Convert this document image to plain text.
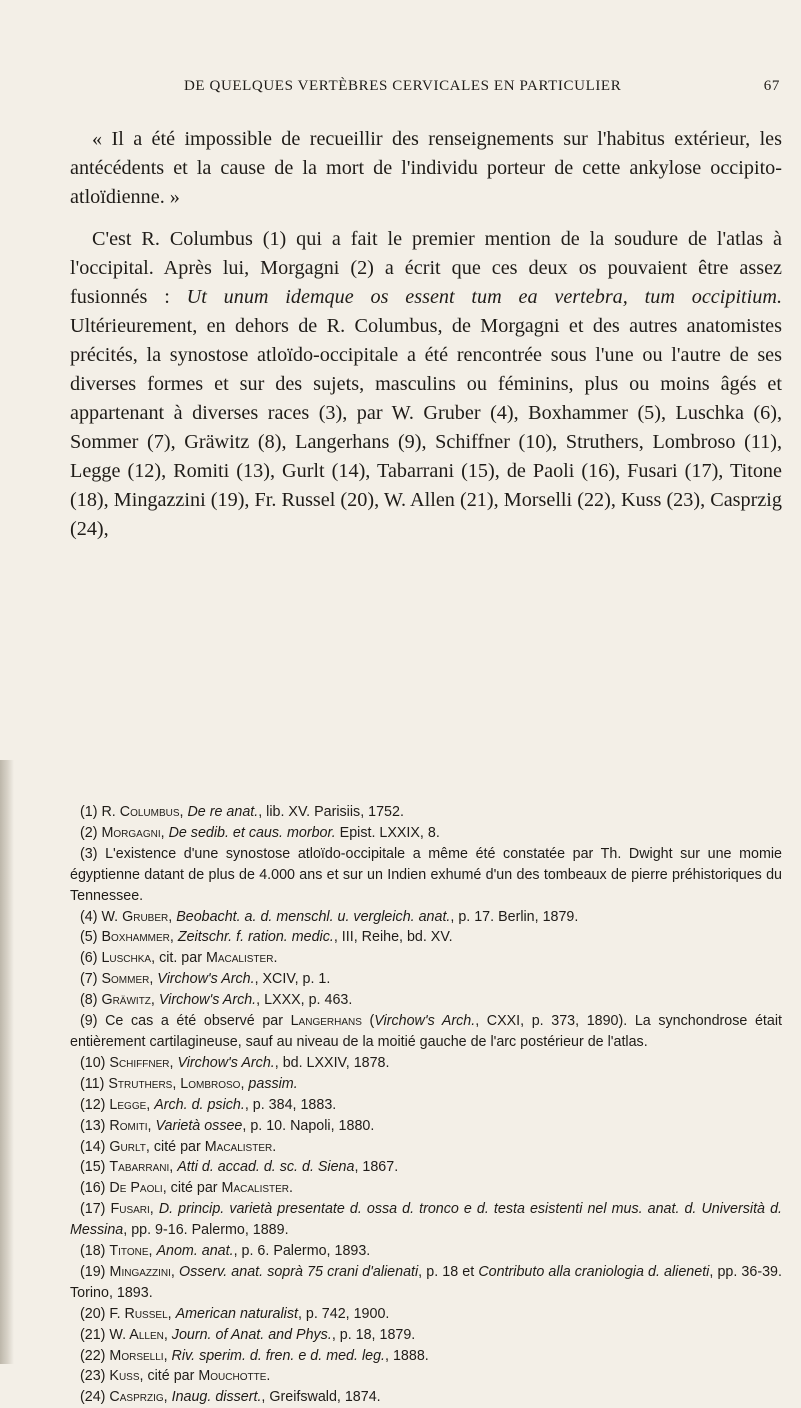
DE QUELQUES VERTÈBRES CERVICALES EN PARTICULIER	67

« Il a été impossible de recueillir des renseignements sur l'habitus extérieur, les antécédents et la cause de la mort de l'individu porteur de cette ankylose occipito-atloïdienne. »

C'est R. Columbus (1) qui a fait le premier mention de la soudure de l'atlas à l'occipital. Après lui, Morgagni (2) a écrit que ces deux os pouvaient être assez fusionnés : Ut unum idemque os essent tum ea vertebra, tum occipitium. Ultérieurement, en dehors de R. Columbus, de Morgagni et des autres anatomistes précités, la synostose atloïdo-occipitale a été rencontrée sous l'une ou l'autre de ses diverses formes et sur des sujets, masculins ou féminins, plus ou moins âgés et appartenant à diverses races (3), par W. Gruber (4), Boxhammer (5), Luschka (6), Sommer (7), Gräwitz (8), Langerhans (9), Schiffner (10), Struthers, Lombroso (11), Legge (12), Romiti (13), Gurlt (14), Tabarrani (15), de Paoli (16), Fusari (17), Titone (18), Mingazzini (19), Fr. Russel (20), W. Allen (21), Morselli (22), Kuss (23), Casprzig (24),

(1) R. Columbus, De re anat., lib. XV. Parisiis, 1752.

(2) Morgagni, De sedib. et caus. morbor. Epist. LXXIX, 8.

(3) L'existence d'une synostose atloïdo-occipitale a même été constatée par Th. Dwight sur une momie égyptienne datant de plus de 4.000 ans et sur un Indien exhumé d'un des tombeaux de pierre préhistoriques du Tennessee.

(4) W. Gruber, Beobacht. a. d. menschl. u. vergleich. anat., p. 17. Berlin, 1879.

(5) Boxhammer, Zeitschr. f. ration. medic., III, Reihe, bd. XV.

(6) Luschka, cit. par Macalister.

(7) Sommer, Virchow's Arch., XCIV, p. 1.

(8) Gräwitz, Virchow's Arch., LXXX, p. 463.

(9) Ce cas a été observé par Langerhans (Virchow's Arch., CXXI, p. 373, 1890). La synchondrose était entièrement cartilagineuse, sauf au niveau de la moitié gauche de l'arc postérieur de l'atlas.

(10) Schiffner, Virchow's Arch., bd. LXXIV, 1878.

(11) Struthers, Lombroso, passim.

(12) Legge, Arch. d. psich., p. 384, 1883.

(13) Romiti, Varietà ossee, p. 10. Napoli, 1880.

(14) Gurlt, cité par Macalister.

(15) Tabarrani, Atti d. accad. d. sc. d. Siena, 1867.

(16) De Paoli, cité par Macalister.

(17) Fusari, D. princip. varietà presentate d. ossa d. tronco e d. testa esistenti nel mus. anat. d. Università d. Messina, pp. 9-16. Palermo, 1889.

(18) Titone, Anom. anat., p. 6. Palermo, 1893.

(19) Mingazzini, Osserv. anat. soprà 75 crani d'alienati, p. 18 et Contributo alla craniologia d. alieneti, pp. 36-39. Torino, 1893.

(20) F. Russel, American naturalist, p. 742, 1900.

(21) W. Allen, Journ. of Anat. and Phys., p. 18, 1879.

(22) Morselli, Riv. sperim. d. fren. e d. med. leg., 1888.

(23) Kuss, cité par Mouchotte.

(24) Casprzig, Inaug. dissert., Greifswald, 1874.
